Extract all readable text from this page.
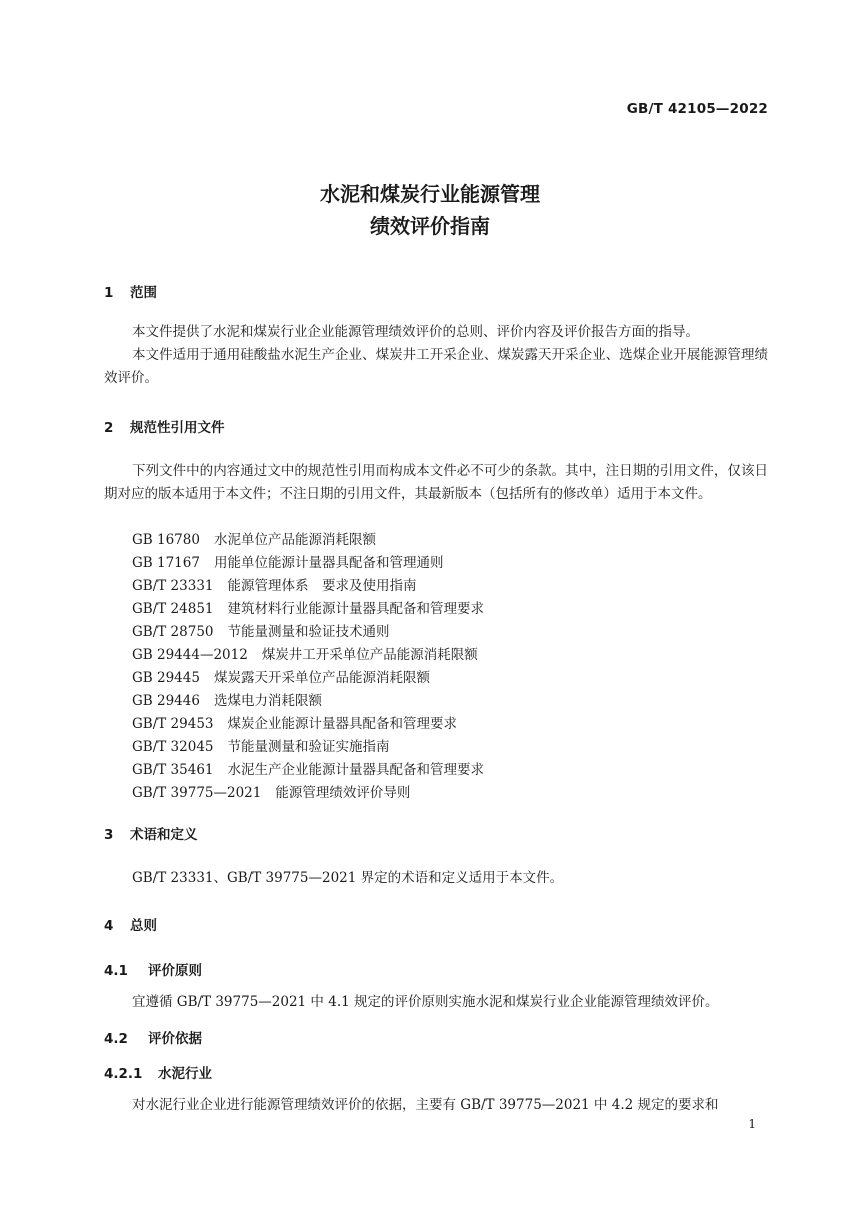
GB/T 42105—2022
水泥和煤炭行业能源管理
绩效评价指南
1 范围
本文件提供了水泥和煤炭行业企业能源管理绩效评价的总则、评价内容及评价报告方面的指导。
本文件适用于通用硅酸盐水泥生产企业、煤炭井工开采企业、煤炭露天开采企业、选煤企业开展能源管理绩效评价。
2 规范性引用文件
下列文件中的内容通过文中的规范性引用而构成本文件必不可少的条款。其中，注日期的引用文件，仅该日期对应的版本适用于本文件；不注日期的引用文件，其最新版本（包括所有的修改单）适用于本文件。
GB 16780 水泥单位产品能源消耗限额
GB 17167 用能单位能源计量器具配备和管理通则
GB/T 23331 能源管理体系　要求及使用指南
GB/T 24851 建筑材料行业能源计量器具配备和管理要求
GB/T 28750 节能量测量和验证技术通则
GB 29444—2012 煤炭井工开采单位产品能源消耗限额
GB 29445 煤炭露天开采单位产品能源消耗限额
GB 29446 选煤电力消耗限额
GB/T 29453 煤炭企业能源计量器具配备和管理要求
GB/T 32045 节能量测量和验证实施指南
GB/T 35461 水泥生产企业能源计量器具配备和管理要求
GB/T 39775—2021 能源管理绩效评价导则
3 术语和定义
GB/T 23331、GB/T 39775—2021 界定的术语和定义适用于本文件。
4 总则
4.1 评价原则
宜遵循 GB/T 39775—2021 中 4.1 规定的评价原则实施水泥和煤炭行业企业能源管理绩效评价。
4.2 评价依据
4.2.1 水泥行业
对水泥行业企业进行能源管理绩效评价的依据，主要有 GB/T 39775—2021 中 4.2 规定的要求和
1
